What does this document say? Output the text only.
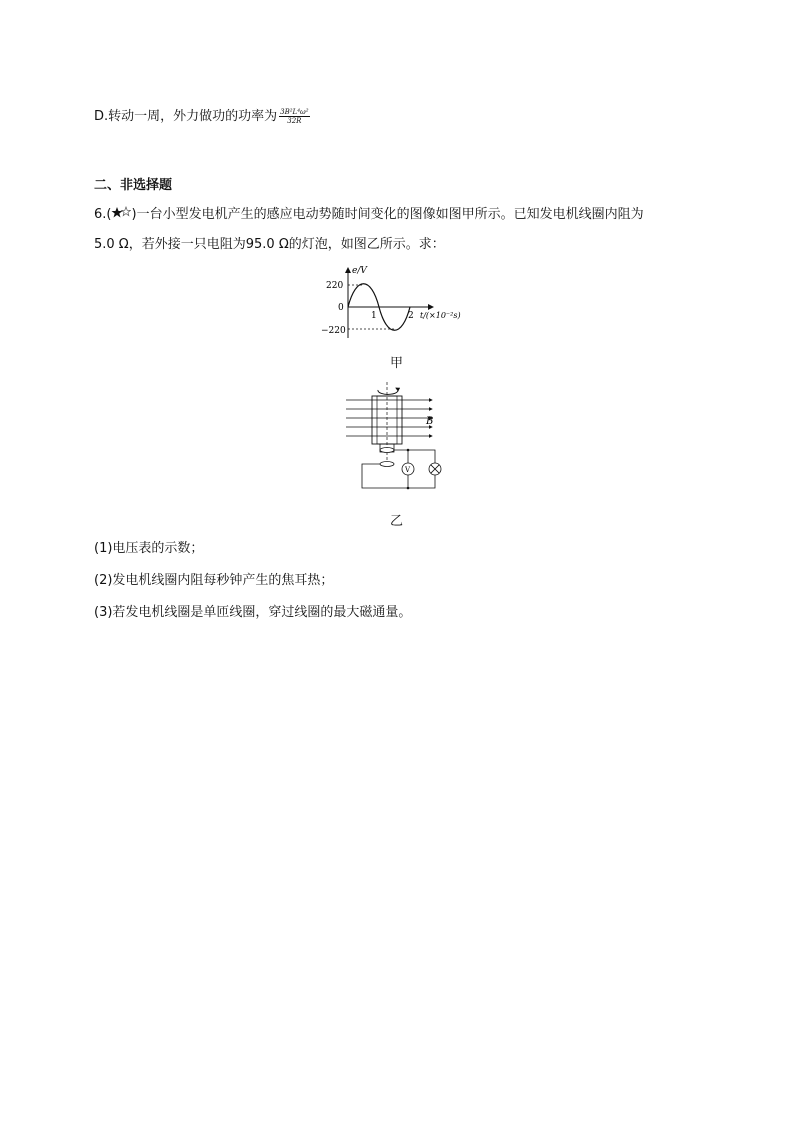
D.转动一周，外力做功的功率为 $\frac{\text{3B²L⁴ω²}}{32R}$
二、非选择题
6.( )一台小型发电机产生的感应电动势随时间变化的图像如图甲所示。已知发电机线圈内阻为
5.0 Ω，若外接一只电阻为95.0 Ω的灯泡，如图乙所示。求：
e/V
220
0
−220
1	2 t/(×10⁻²s)
甲
B
V
乙
(1)电压表的示数；
(2)发电机线圈内阻每秒钟产生的焦耳热；
(3)若发电机线圈是单匝线圈，穿过线圈的最大磁通量。
